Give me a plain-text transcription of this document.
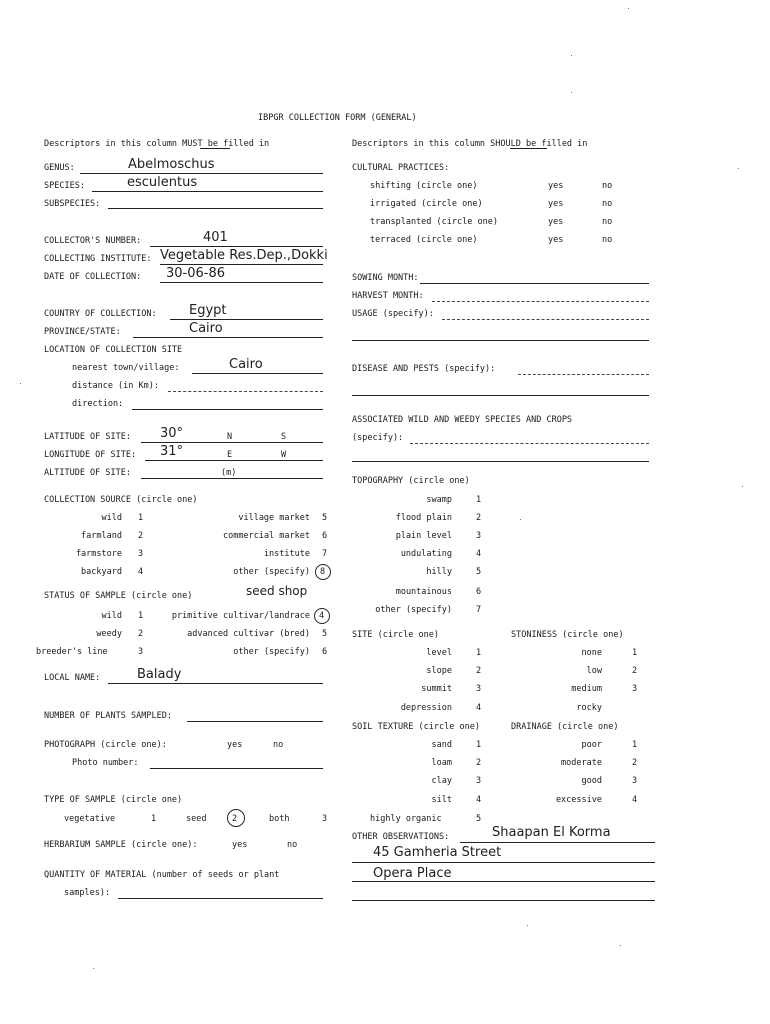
IBPGR COLLECTION FORM (GENERAL)
Descriptors in this column MUST be filled in	Descriptors in this column SHOULD be filled in
GENUS:	Abelmoschus
SPECIES:	esculentus
SUBSPECIES:
COLLECTOR'S NUMBER:	401
COLLECTING INSTITUTE: Vegetable Res.Dep.,Dokki
DATE OF COLLECTION: 30-06-86
COUNTRY OF COLLECTION: Egypt
PROVINCE/STATE:	Cairo
LOCATION OF COLLECTION SITE
nearest town/village:	Cairo
distance (in Km):
direction:
LATITUDE OF SITE: 30°	N	S
LONGITUDE OF SITE: 31°	E	W
ALTITUDE OF SITE:	(m)
COLLECTION SOURCE (circle one)
wild 1
farmland 2
farmstore 3
backyard 4
village market 5
commercial market 6
institute 7
other (specify) 8
seed shop
STATUS OF SAMPLE (circle one)
wild 1
weedy 2
breeder's line	3
primitive cultivar/landrace 4
advanced cultivar (bred) 5
other (specify) 6
LOCAL NAME:	Balady
NUMBER OF PLANTS SAMPLED:
PHOTOGRAPH (circle one):	yes	no
Photo number:
TYPE OF SAMPLE (circle one)
vegetative	1	seed	2	both	3
HERBARIUM SAMPLE (circle one):	yes	no
QUANTITY OF MATERIAL (number of seeds or plant
samples):
CULTURAL PRACTICES:
shifting (circle one)	yes	no
irrigated (circle one)	yes	no
transplanted (circle one)	yes	no
terraced (circle one)	yes	no
SOWING MONTH:
HARVEST MONTH:
USAGE (specify):
DISEASE AND PESTS (specify):
ASSOCIATED WILD AND WEEDY SPECIES AND CROPS
(specify):
TOPOGRAPHY (circle one)
swamp	1
flood plain	2
plain level	3
undulating	4
hilly	5
mountainous	6
other (specify)	7
SITE (circle one)	STONINESS (circle one)
level	1
slope	2
summit	3
depression	4
none	1
low	2
medium	3
rocky
SOIL TEXTURE (circle one)	DRAINAGE (circle one)
sand	1
loam	2
clay	3
silt	4
highly organic	5
poor	1
moderate	2
good	3
excessive	4
OTHER OBSERVATIONS:	Shaapan El Korma
45 Gamheria Street
Opera Place
